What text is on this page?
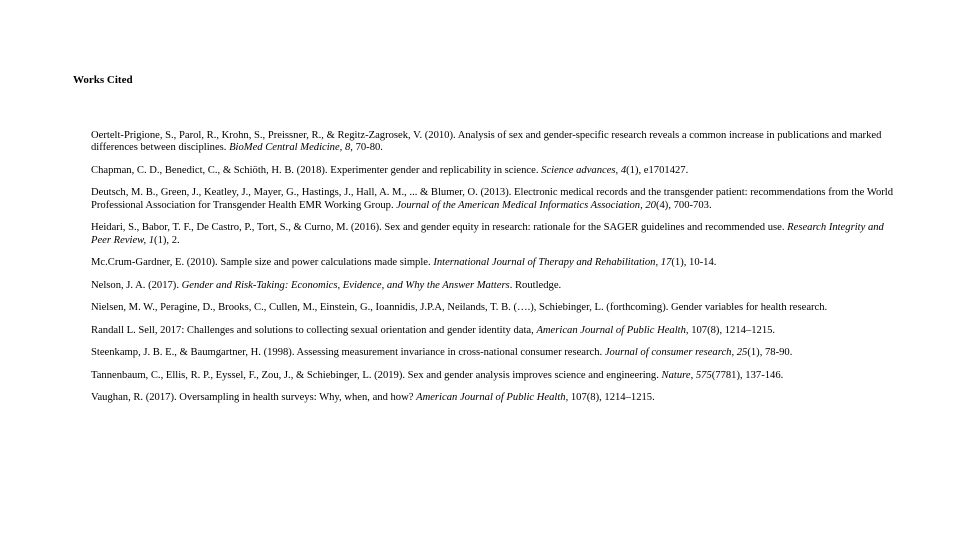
Works Cited
Oertelt-Prigione, S., Parol, R., Krohn, S., Preissner, R., & Regitz-Zagrosek, V. (2010). Analysis of sex and gender-specific research reveals a common increase in publications and marked differences between disciplines. BioMed Central Medicine, 8, 70-80.
Chapman, C. D., Benedict, C., & Schiöth, H. B. (2018). Experimenter gender and replicability in science. Science advances, 4(1), e1701427.
Deutsch, M. B., Green, J., Keatley, J., Mayer, G., Hastings, J., Hall, A. M., ... & Blumer, O. (2013). Electronic medical records and the transgender patient: recommendations from the World Professional Association for Transgender Health EMR Working Group. Journal of the American Medical Informatics Association, 20(4), 700-703.
Heidari, S., Babor, T. F., De Castro, P., Tort, S., & Curno, M. (2016). Sex and gender equity in research: rationale for the SAGER guidelines and recommended use. Research Integrity and Peer Review, 1(1), 2.
Mc.Crum-Gardner, E. (2010). Sample size and power calculations made simple. International Journal of Therapy and Rehabilitation, 17(1), 10-14.
Nelson, J. A. (2017). Gender and Risk-Taking: Economics, Evidence, and Why the Answer Matters. Routledge.
Nielsen, M. W., Peragine, D., Brooks, C., Cullen, M., Einstein, G., Ioannidis, J.P.A, Neilands, T. B. (….), Schiebinger, L. (forthcoming). Gender variables for health research.
Randall L. Sell, 2017: Challenges and solutions to collecting sexual orientation and gender identity data, American Journal of Public Health, 107(8), 1214–1215.
Steenkamp, J. B. E., & Baumgartner, H. (1998). Assessing measurement invariance in cross-national consumer research. Journal of consumer research, 25(1), 78-90.
Tannenbaum, C., Ellis, R. P., Eyssel, F., Zou, J., & Schiebinger, L. (2019). Sex and gender analysis improves science and engineering. Nature, 575(7781), 137-146.
Vaughan, R. (2017). Oversampling in health surveys: Why, when, and how? American Journal of Public Health, 107(8), 1214–1215.
